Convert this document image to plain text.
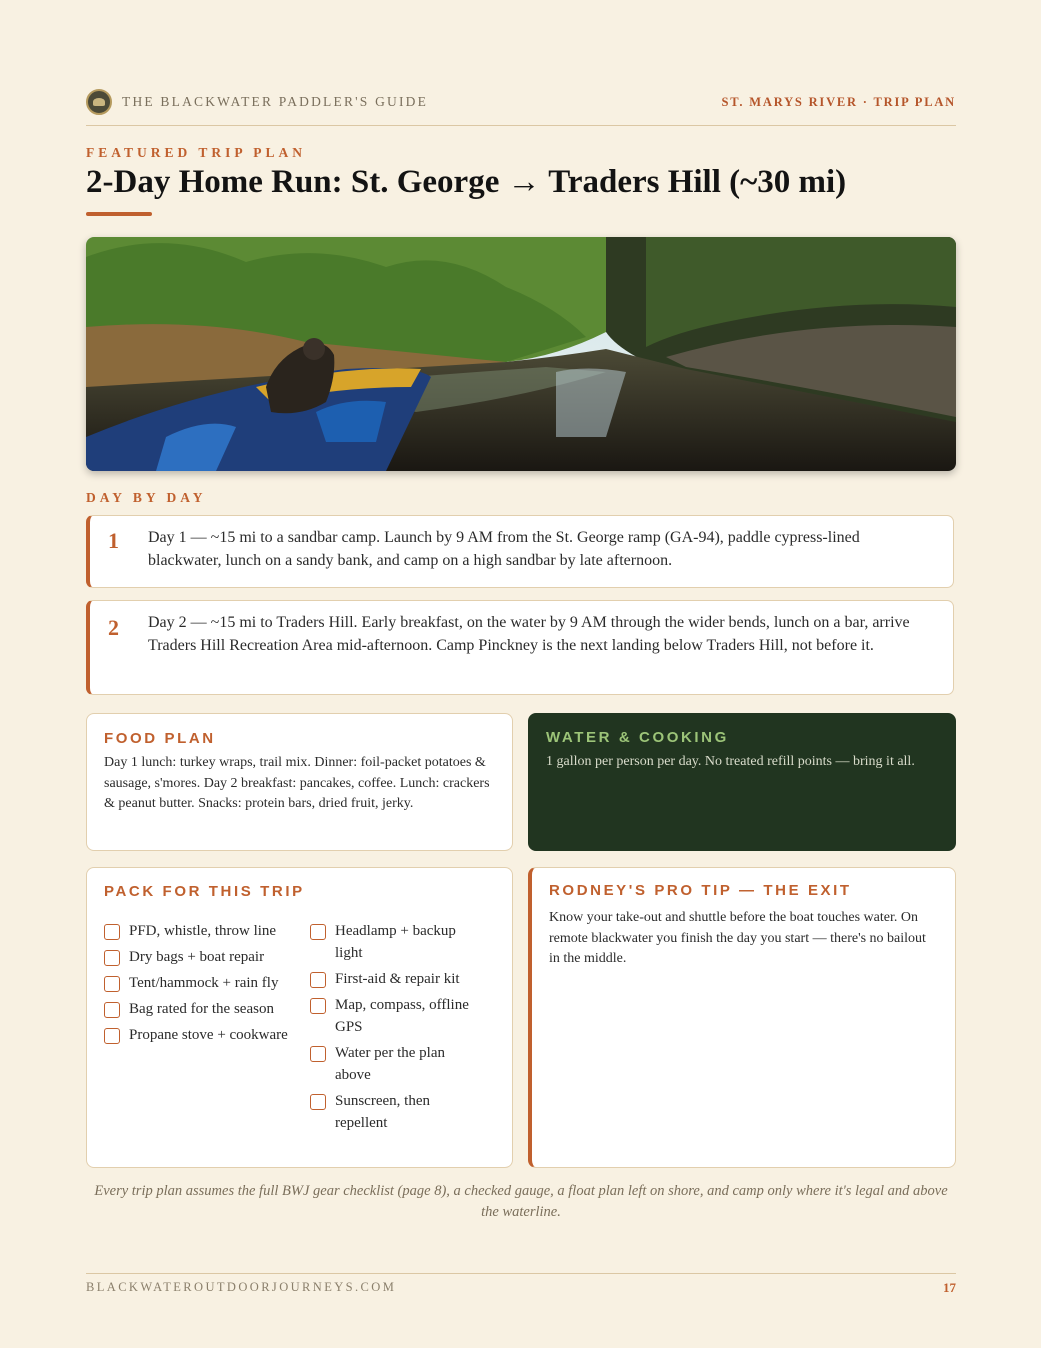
THE BLACKWATER PADDLER'S GUIDE	ST. MARYS RIVER · TRIP PLAN
FEATURED TRIP PLAN
2-Day Home Run: St. George → Traders Hill (~30 mi)
DAY BY DAY
1 Day 1 — ~15 mi to a sandbar camp. Launch by 9 AM from the St. George ramp (GA-94), paddle cypress-lined blackwater, lunch on a sandy bank, and camp on a high sandbar by late afternoon.
2 Day 2 — ~15 mi to Traders Hill. Early breakfast, on the water by 9 AM through the wider bends, lunch on a bar, arrive Traders Hill Recreation Area mid-afternoon. Camp Pinckney is the next landing below Traders Hill, not before it.
FOOD PLAN
Day 1 lunch: turkey wraps, trail mix. Dinner: foil-packet potatoes & sausage, s'mores. Day 2 breakfast: pancakes, coffee. Lunch: crackers & peanut butter. Snacks: protein bars, dried fruit, jerky.
WATER & COOKING
1 gallon per person per day. No treated refill points — bring it all.
PACK FOR THIS TRIP
PFD, whistle, throw line
Dry bags + boat repair
Tent/hammock + rain fly
Bag rated for the season
Propane stove + cookware
Headlamp + backup light
First-aid & repair kit
Map, compass, offline GPS
Water per the plan above
Sunscreen, then repellent
RODNEY'S PRO TIP — THE EXIT
Know your take-out and shuttle before the boat touches water. On remote blackwater you finish the day you start — there's no bailout in the middle.
Every trip plan assumes the full BWJ gear checklist (page 8), a checked gauge, a float plan left on shore, and camp only where it's legal and above the waterline.
BLACKWATEROUTDOORJOURNEYS.COM	17
